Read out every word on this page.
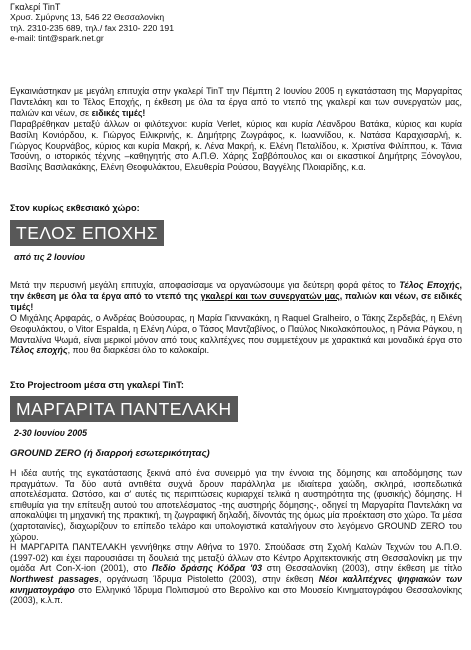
Γκαλερί TinT
Χρυσ. Σμύρνης 13, 546 22 Θεσσαλονίκη
τηλ. 2310-235 689, τηλ./ fax 2310- 220 191
e-mail: tint@spark.net.gr

Εγκαινιάστηκαν με μεγάλη επιτυχία στην γκαλερί TinT την Πέμπτη 2 Ιουνίου 2005 η εγκατάσταση της Μαργαρίτας Παντελάκη και το Τέλος Εποχής, η έκθεση με όλα τα έργα από το ντεπό της γκαλερί και των συνεργατών μας, παλιών και νέων, σε ειδικές τιμές!

Παραβρέθηκαν μεταξύ άλλων οι φιλότεχνοι: κυρία Verlet, κύριος και κυρία Λέανδρου Βατάκα, κύριος και κυρία Βασίλη Κονιόρδου, κ. Γιώργος Ειλικρινής, κ. Δημήτρης Ζωγράφος, κ. Ιωαννίδου, κ. Νατάσα Καραχισαρλή, κ. Γιώργος Κουρνάβος, κύριος και κυρία Μακρή, κ. Λένα Μακρή, κ. Ελένη Πεταλίδου, κ. Χριστίνα Φιλίππου, κ. Τάνια Τσούνη, ο ιστορικός τέχνης –καθηγητής στο Α.Π.Θ. Χάρης Σαββόπουλος και οι εικαστικοί Δημήτρης Ξόνογλου, Βασίλης Βασιλακάκης, Ελένη Θεοφυλάκτου, Ελευθερία Ρούσου, Βαγγέλης Πλοιαρίδης, κ.α.

Στον κυρίως εκθεσιακό χώρο:
ΤΕΛΟΣ ΕΠΟΧΗΣ
από τις 2 Ιουνίου

Μετά την περυσινή μεγάλη επιτυχία, αποφασίσαμε να οργανώσουμε για δεύτερη φορά φέτος το Τέλος Εποχής, την έκθεση με όλα τα έργα από το ντεπό της γκαλερί και των συνεργατών μας, παλιών και νέων, σε ειδικές τιμές!

Ο Μιχάλης Αρφαράς, ο Ανδρέας Βούσουρας, η Μαρία Γιαννακάκη, η Raquel Gralheiro, ο Τάκης Ζερδεβάς, η Ελένη Θεοφυλάκτου, ο Vitor Espalda, η Ελένη Λύρα, ο Τάσος Μαντζαβίνος, ο Παύλος Νικολακόπουλος, η Ράνια Ράγκου, η Μανταλίνα Ψωμά, είναι μερικοί μόνον από τους καλλιτέχνες που συμμετέχουν με χαρακτικά και μοναδικά έργα στο Τέλος εποχής, που θα διαρκέσει όλο το καλοκαίρι.

Στο Projectroom μέσα στη γκαλερί TinT:
ΜΑΡΓΑΡΙΤΑ ΠΑΝΤΕΛΑΚΗ
2-30 Ιουνίου 2005
GROUND ZERO (ή διαρροή εσωτερικότητας)

Η ιδέα αυτής της εγκατάστασης ξεκινά από ένα συνειρμό για την έννοια της δόμησης και αποδόμησης των πραγμάτων. Τα δύο αυτά αντιθέτα συχνά δρουν παράλληλα με ιδιαίτερα χαώδη, σκληρά, ισοπεδωτικά αποτελέσματα. Ωστόσο, και σ' αυτές τις περιπτώσεις κυριαρχεί τελικά η αυστηρότητα της (φυσικής) δόμησης. Η επιθυμία για την επίτευξη αυτού του αποτελέσματος -της αυστηρής δόμησης-, οδηγεί τη Μαργαρίτα Παντελάκη να αποκαλύψει τη μηχανική της πρακτική, τη ζωγραφική δηλαδή, δίνοντάς της όμως μία προέκταση στο χώρο. Τα μέσα (χαρτοταινίες), διαχωρίζουν το επίπεδο τελάρο και υπολογιστικά καταλήγουν στο λεγόμενο GROUND ZERO του χώρου.

Η ΜΑΡΓΑΡΙΤΑ ΠΑΝΤΕΛΑΚΗ γεννήθηκε στην Αθήνα το 1970. Σπούδασε στη Σχολή Καλών Τεχνών του Α.Π.Θ. (1997-02) και έχει παρουσιάσει τη δουλειά της μεταξύ άλλων στο Κέντρο Αρχιτεκτονικής στη Θεσσαλονίκη με την ομάδα Art Con-X-ion (2001), στο Πεδίο δράσης Κόδρα '03 στη Θεσσαλονίκη (2003), στην έκθεση με τίτλο Northwest passages, οργάνωση Ίδρυμα Pistoletto (2003), στην έκθεση Νέοι καλλιτέχνες ψηφιακών των κινηματογράφο στο Ελληνικό Ίδρυμα Πολιτισμού στο Βερολίνο και στο Μουσείο Κινηματογράφου Θεσσαλονίκης (2003), κ.λ.π.
